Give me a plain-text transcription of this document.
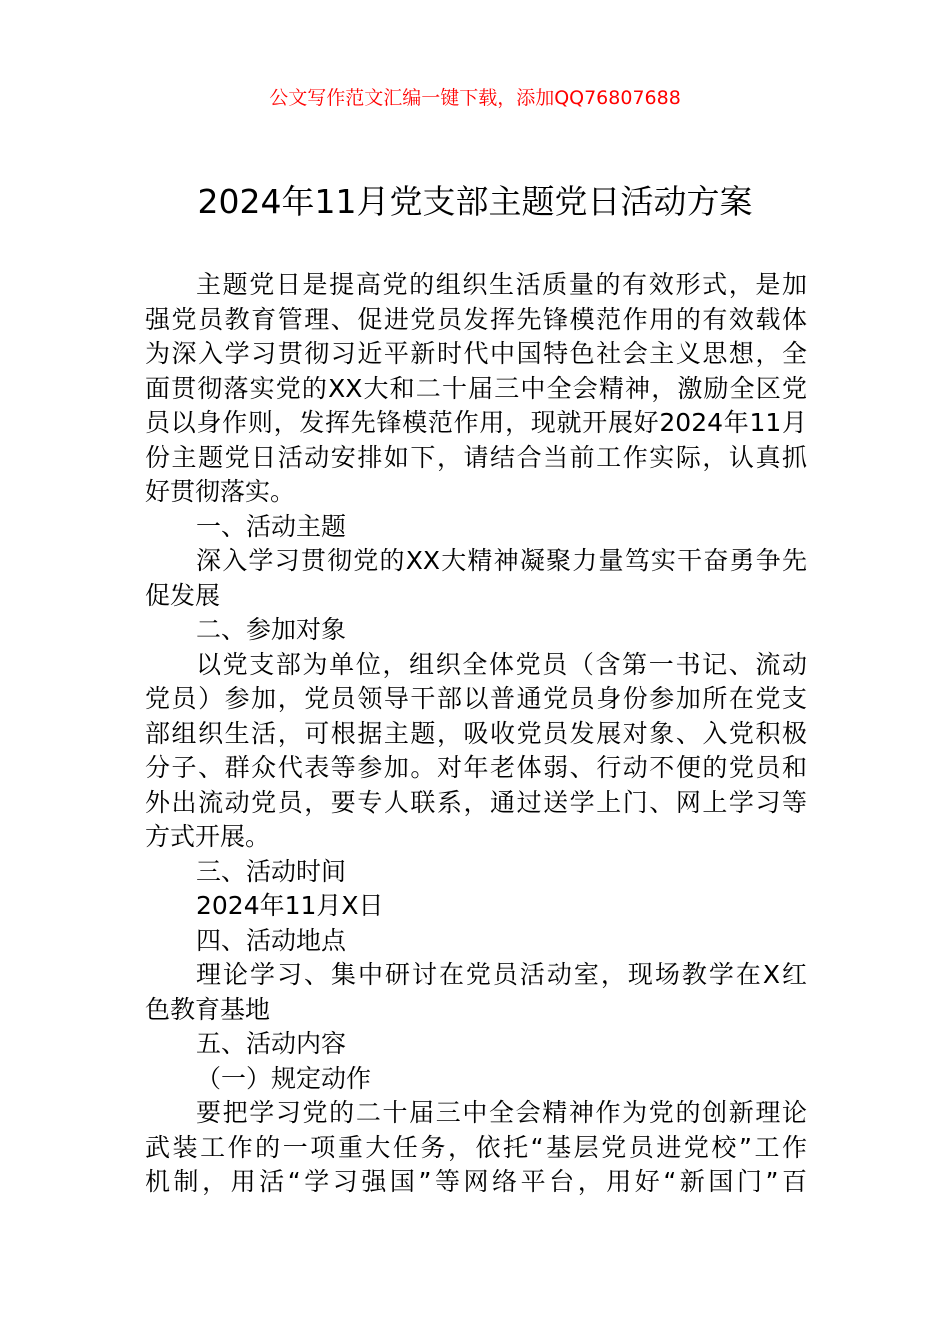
公文写作范文汇编一键下载，添加QQ76807688
2024年11月党支部主题党日活动方案
主题党日是提高党的组织生活质量的有效形式，是加
强党员教育管理、促进党员发挥先锋模范作用的有效载体
为深入学习贯彻习近平新时代中国特色社会主义思想，全
面贯彻落实党的XX大和二十届三中全会精神，激励全区党
员以身作则，发挥先锋模范作用，现就开展好2024年11月
份主题党日活动安排如下，请结合当前工作实际，认真抓
好贯彻落实。
一、活动主题
深入学习贯彻党的XX大精神凝聚力量笃实干奋勇争先
促发展
二、参加对象
以党支部为单位，组织全体党员（含第一书记、流动
党员）参加，党员领导干部以普通党员身份参加所在党支
部组织生活，可根据主题，吸收党员发展对象、入党积极
分子、群众代表等参加。对年老体弱、行动不便的党员和
外出流动党员，要专人联系，通过送学上门、网上学习等
方式开展。
三、活动时间
2024年11月X日
四、活动地点
理论学习、集中研讨在党员活动室，现场教学在X红
色教育基地
五、活动内容
（一）规定动作
要把学习党的二十届三中全会精神作为党的创新理论
武装工作的一项重大任务，依托“基层党员进党校”工作
机制，用活“学习强国”等网络平台，用好“新国门”百
